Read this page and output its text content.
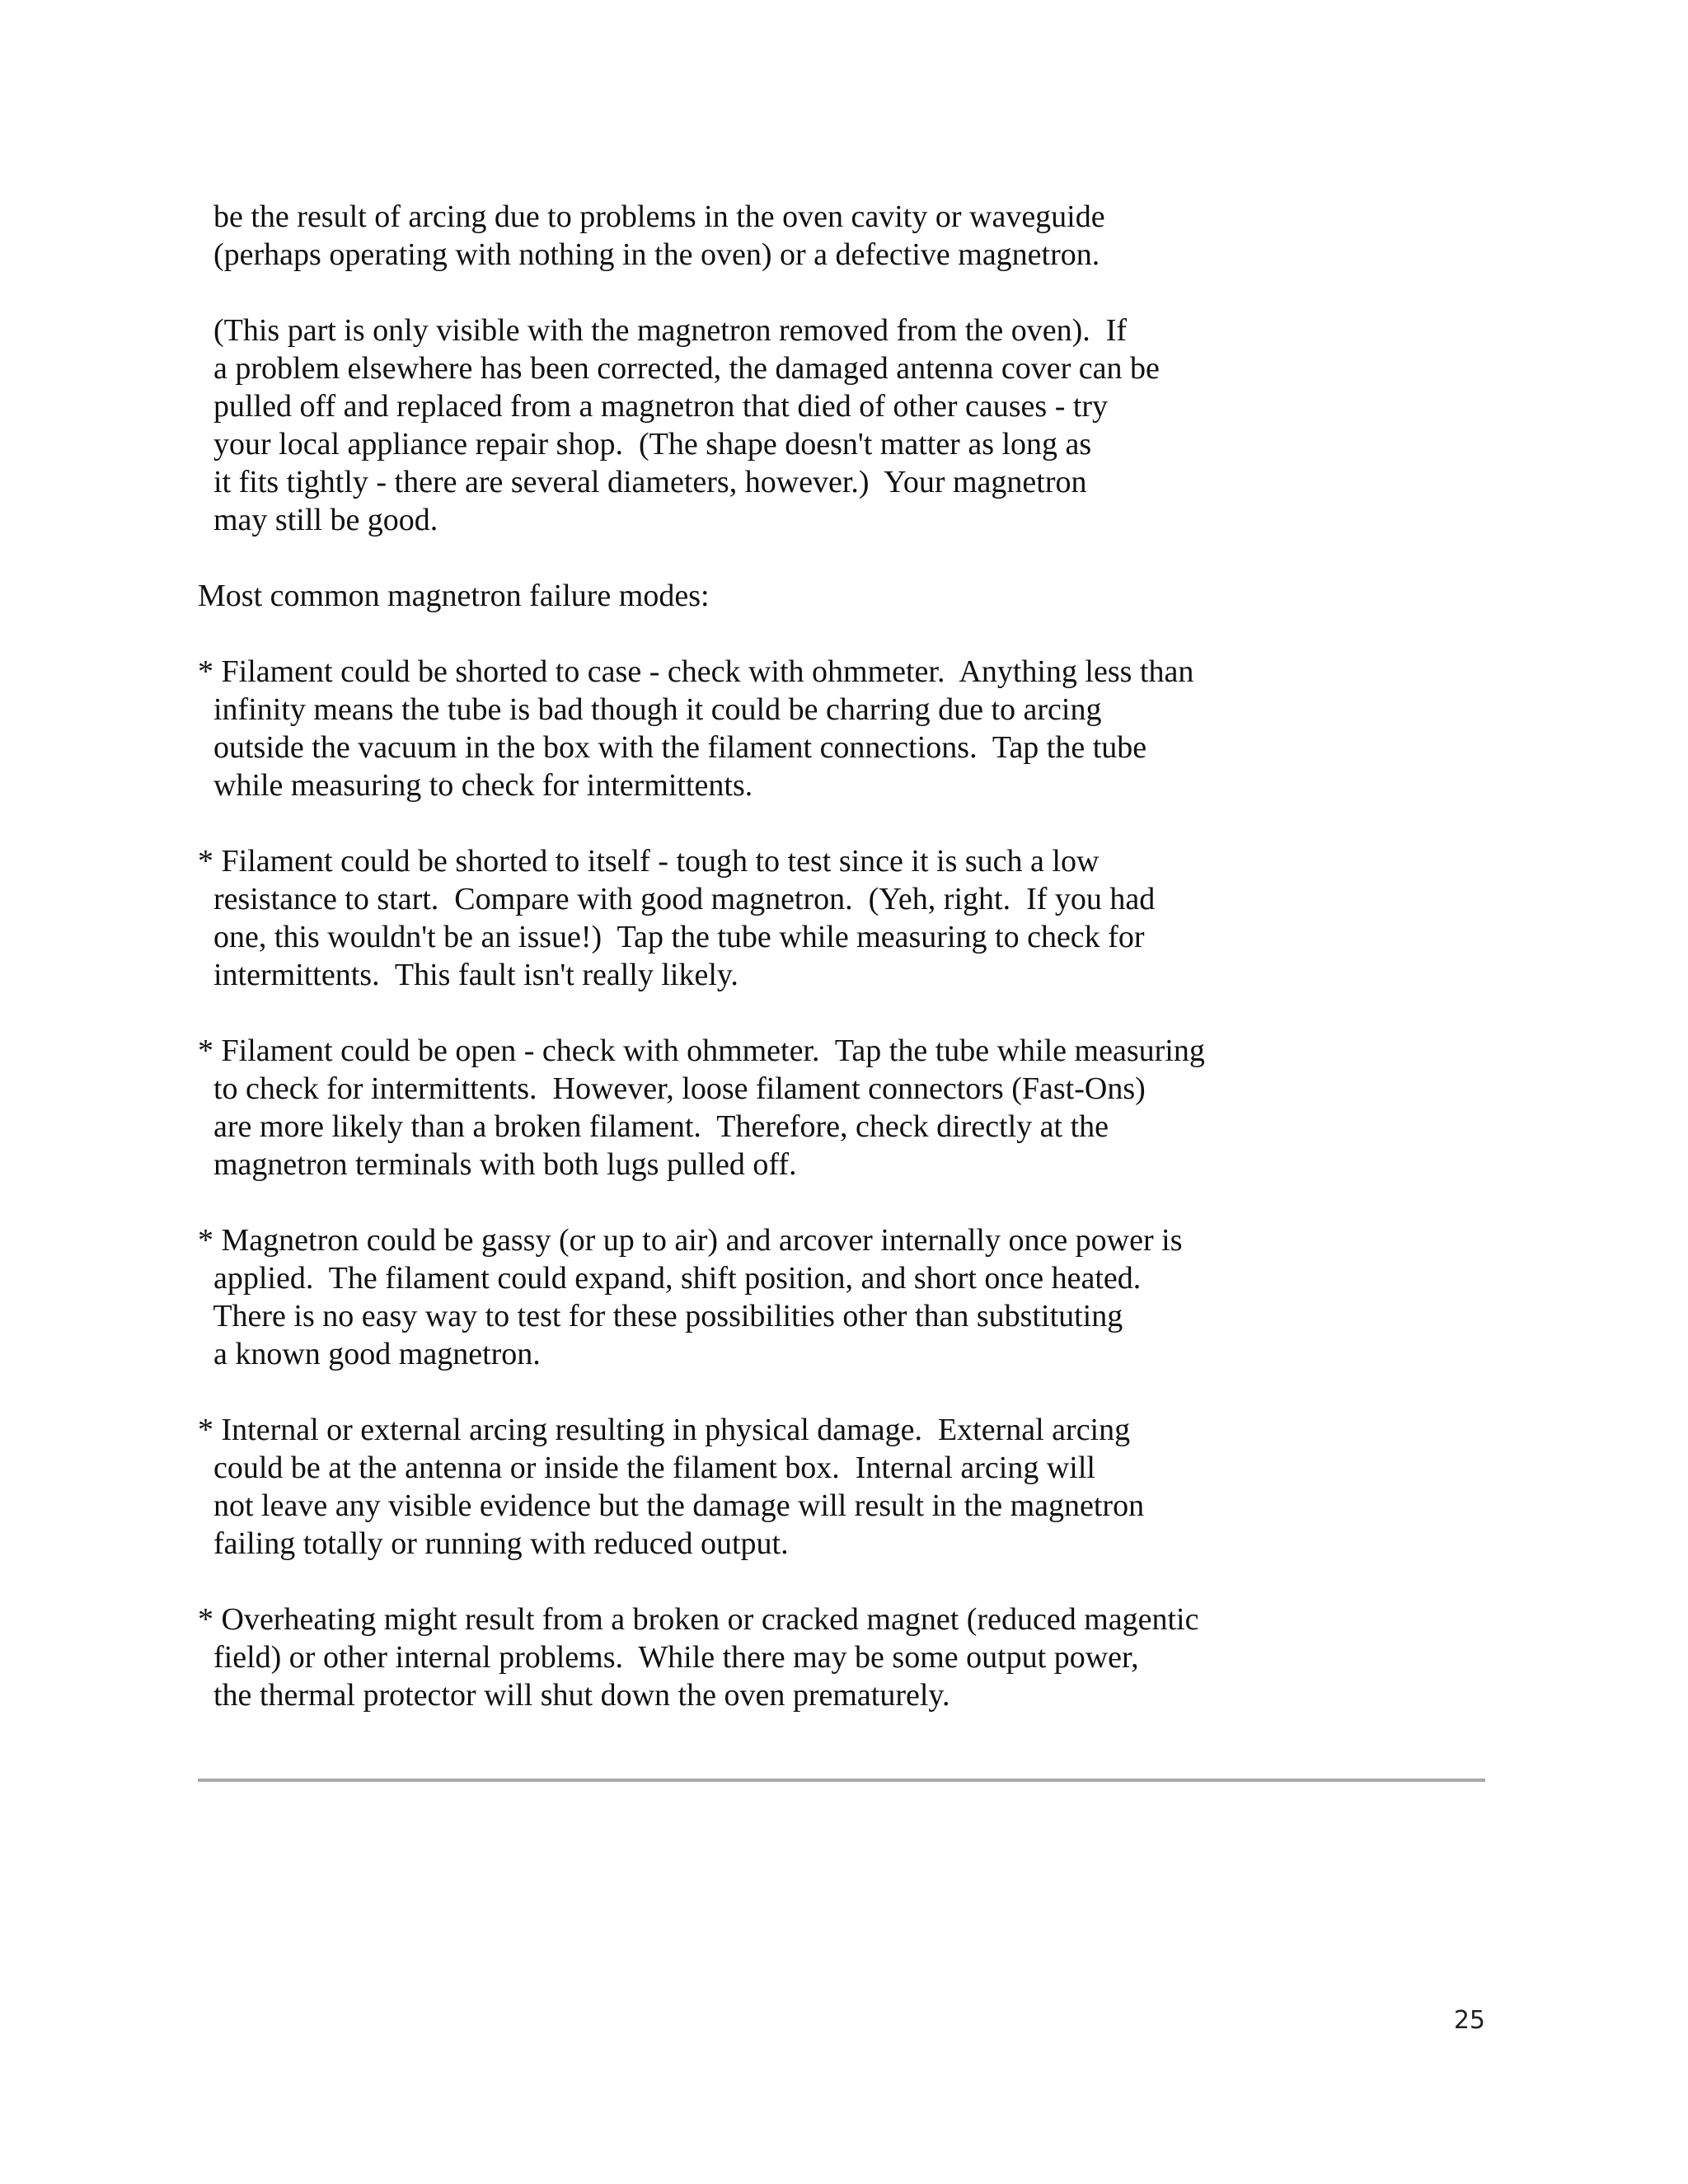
be the result of arcing due to problems in the oven cavity or waveguide
(perhaps operating with nothing in the oven) or a defective magnetron.
(This part is only visible with the magnetron removed from the oven).  If
a problem elsewhere has been corrected, the damaged antenna cover can be
pulled off and replaced from a magnetron that died of other causes - try
your local appliance repair shop.  (The shape doesn't matter as long as
it fits tightly - there are several diameters, however.)  Your magnetron
may still be good.
Most common magnetron failure modes:
* Filament could be shorted to case - check with ohmmeter.  Anything less than
infinity means the tube is bad though it could be charring due to arcing
outside the vacuum in the box with the filament connections.  Tap the tube
while measuring to check for intermittents.
* Filament could be shorted to itself - tough to test since it is such a low
resistance to start.  Compare with good magnetron.  (Yeh, right.  If you had
one, this wouldn't be an issue!)  Tap the tube while measuring to check for
intermittents.  This fault isn't really likely.
* Filament could be open - check with ohmmeter.  Tap the tube while measuring
to check for intermittents.  However, loose filament connectors (Fast-Ons)
are more likely than a broken filament.  Therefore, check directly at the
magnetron terminals with both lugs pulled off.
* Magnetron could be gassy (or up to air) and arcover internally once power is
applied.  The filament could expand, shift position, and short once heated.
There is no easy way to test for these possibilities other than substituting
a known good magnetron.
* Internal or external arcing resulting in physical damage.  External arcing
could be at the antenna or inside the filament box.  Internal arcing will
not leave any visible evidence but the damage will result in the magnetron
failing totally or running with reduced output.
* Overheating might result from a broken or cracked magnet (reduced magentic
field) or other internal problems.  While there may be some output power,
the thermal protector will shut down the oven prematurely.
25
